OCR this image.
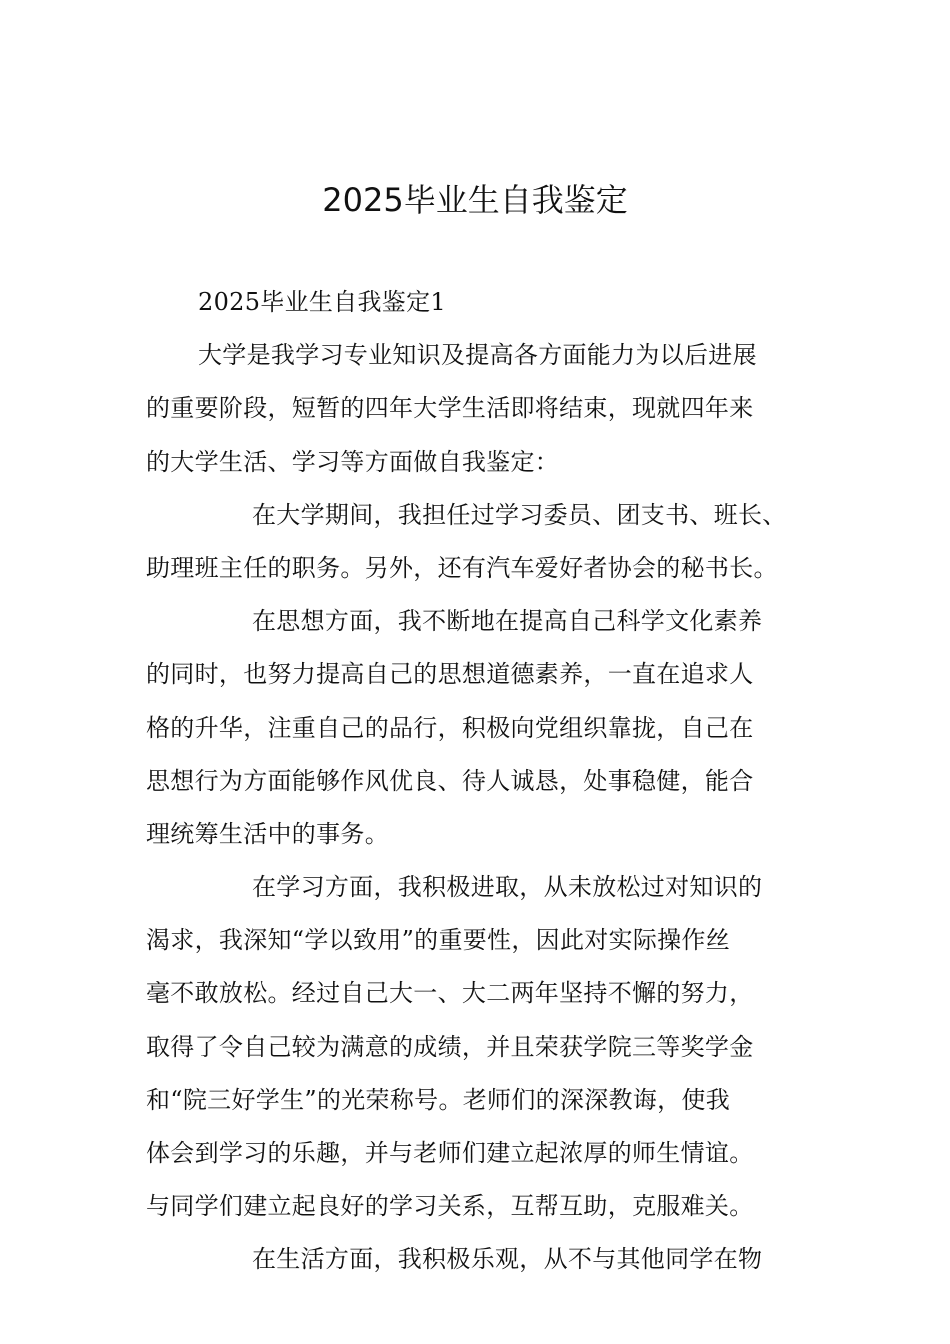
2025毕业生自我鉴定
2025毕业生自我鉴定1
大学是我学习专业知识及提高各方面能力为以后进展
的重要阶段，短暂的四年大学生活即将结束，现就四年来
的大学生活、学习等方面做自我鉴定：
在大学期间，我担任过学习委员、团支书、班长、
助理班主任的职务。另外，还有汽车爱好者协会的秘书长。
在思想方面，我不断地在提高自己科学文化素养
的同时，也努力提高自己的思想道德素养，一直在追求人
格的升华，注重自己的品行，积极向党组织靠拢，自己在
思想行为方面能够作风优良、待人诚恳，处事稳健，能合
理统筹生活中的事务。
在学习方面，我积极进取，从未放松过对知识的
渴求，我深知“学以致用”的重要性，因此对实际操作丝
毫不敢放松。经过自己大一、大二两年坚持不懈的努力，
取得了令自己较为满意的成绩，并且荣获学院三等奖学金
和“院三好学生”的光荣称号。老师们的深深教诲，使我
体会到学习的乐趣，并与老师们建立起浓厚的师生情谊。
与同学们建立起良好的学习关系，互帮互助，克服难关。
在生活方面，我积极乐观，从不与其他同学在物
